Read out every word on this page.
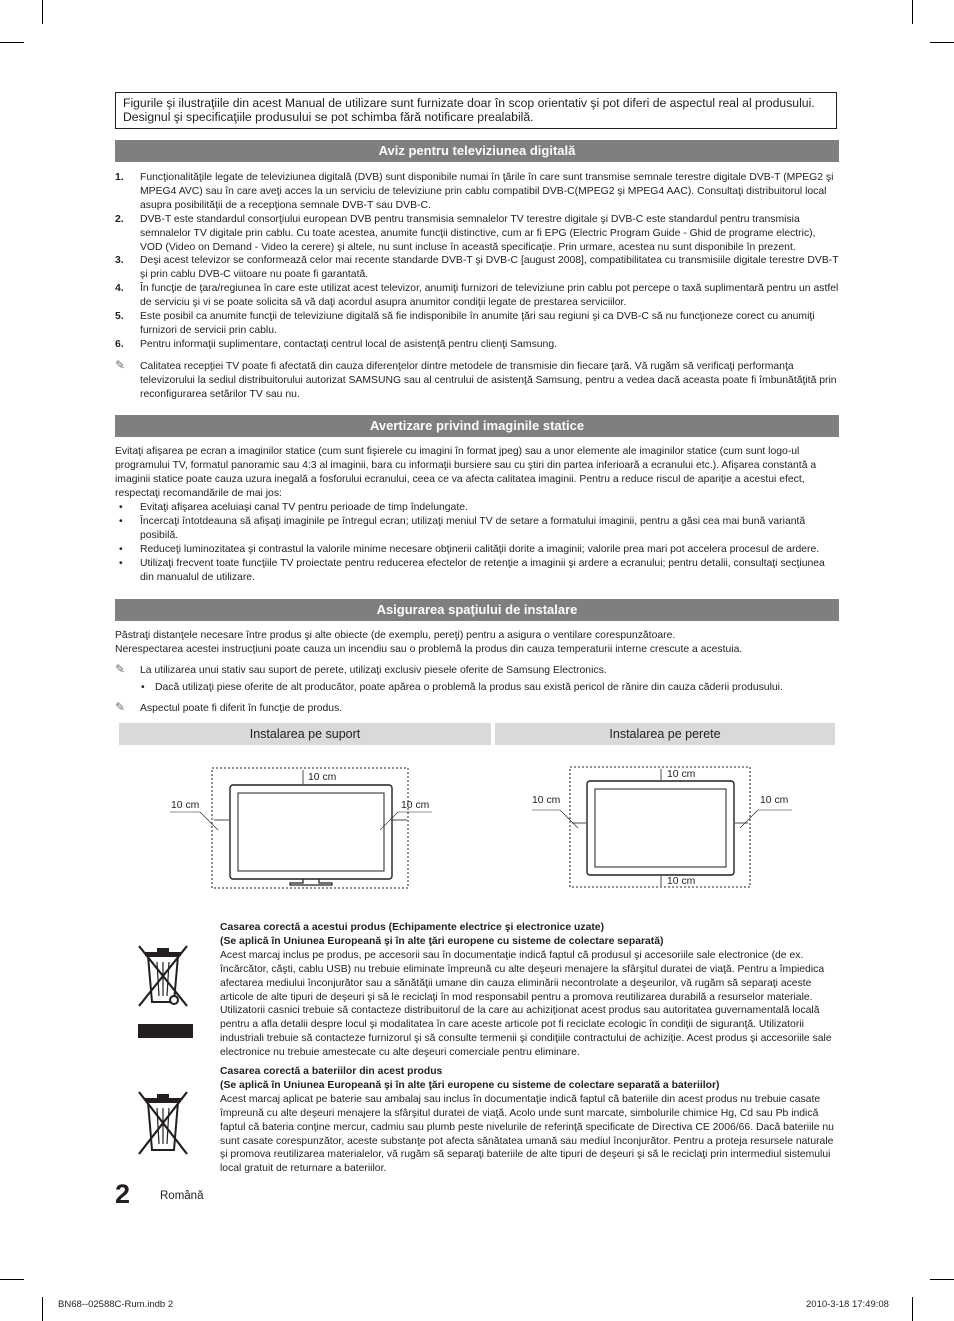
Figurile şi ilustraţiile din acest Manual de utilizare sunt furnizate doar în scop orientativ şi pot diferi de aspectul real al produsului. Designul şi specificaţiile produsului se pot schimba fără notificare prealabilă.
Aviz pentru televiziunea digitală
1. Funcţionalităţile legate de televiziunea digitală (DVB) sunt disponibile numai în ţările în care sunt transmise semnale terestre digitale DVB-T (MPEG2 şi MPEG4 AVC) sau în care aveţi acces la un serviciu de televiziune prin cablu compatibil DVB-C(MPEG2 şi MPEG4 AAC). Consultaţi distribuitorul local asupra posibilităţii de a recepţiona semnale DVB-T sau DVB-C.
2. DVB-T este standardul consorţiului european DVB pentru transmisia semnalelor TV terestre digitale şi DVB-C este standardul pentru transmisia semnalelor TV digitale prin cablu. Cu toate acestea, anumite funcţii distinctive, cum ar fi EPG (Electric Program Guide - Ghid de programe electric), VOD (Video on Demand - Video la cerere) şi altele, nu sunt incluse în această specificaţie. Prin urmare, acestea nu sunt disponibile în prezent.
3. Deşi acest televizor se conformează celor mai recente standarde DVB-T şi DVB-C [august 2008], compatibilitatea cu transmisiile digitale terestre DVB-T şi prin cablu DVB-C viitoare nu poate fi garantată.
4. În funcţie de ţara/regiunea în care este utilizat acest televizor, anumiţi furnizori de televiziune prin cablu pot percepe o taxă suplimentară pentru un astfel de serviciu şi vi se poate solicita să vă daţi acordul asupra anumitor condiţii legate de prestarea serviciilor.
5. Este posibil ca anumite funcţii de televiziune digitală să fie indisponibile în anumite ţări sau regiuni şi ca DVB-C să nu funcţioneze corect cu anumiţi furnizori de servicii prin cablu.
6. Pentru informaţii suplimentare, contactaţi centrul local de asistenţă pentru clienţi Samsung.
✎ Calitatea recepţiei TV poate fi afectată din cauza diferenţelor dintre metodele de transmisie din fiecare ţară. Vă rugăm să verificaţi performanţa televizorului la sediul distribuitorului autorizat SAMSUNG sau al centrului de asistenţă Samsung, pentru a vedea dacă aceasta poate fi îmbunătăţită prin reconfigurarea setărilor TV sau nu.
Avertizare privind imaginile statice
Evitaţi afişarea pe ecran a imaginilor statice (cum sunt fişierele cu imagini în format jpeg) sau a unor elemente ale imaginilor statice (cum sunt logo-ul programului TV, formatul panoramic sau 4:3 al imaginii, bara cu informaţii bursiere sau cu ştiri din partea inferioară a ecranului etc.). Afişarea constantă a imaginii statice poate cauza uzura inegală a fosforului ecranului, ceea ce va afecta calitatea imaginii. Pentru a reduce riscul de apariţie a acestui efect, respectaţi recomandările de mai jos:
• Evitaţi afişarea aceluiaşi canal TV pentru perioade de timp îndelungate.
• Încercaţi întotdeauna să afişaţi imaginile pe întregul ecran; utilizaţi meniul TV de setare a formatului imaginii, pentru a găsi cea mai bună variantă posibilă.
• Reduceţi luminozitatea şi contrastul la valorile minime necesare obţinerii calităţii dorite a imaginii; valorile prea mari pot accelera procesul de ardere.
• Utilizaţi frecvent toate funcţiile TV proiectate pentru reducerea efectelor de retenţie a imaginii şi ardere a ecranului; pentru detalii, consultaţi secţiunea din manualul de utilizare.
Asigurarea spaţiului de instalare
Păstraţi distanţele necesare între produs şi alte obiecte (de exemplu, pereţi) pentru a asigura o ventilare corespunzătoare.
Nerespectarea acestei instrucţiuni poate cauza un incendiu sau o problemă la produs din cauza temperaturii interne crescute a acestuia.
✎ La utilizarea unui stativ sau suport de perete, utilizaţi exclusiv piesele oferite de Samsung Electronics.
• Dacă utilizaţi piese oferite de alt producător, poate apărea o problemă la produs sau există pericol de rănire din cauza căderii produsului.
✎ Aspectul poate fi diferit în funcţie de produs.
Instalarea pe suport	Instalarea pe perete
10 cm
10 cm	10 cm
10 cm
10 cm	10 cm
10 cm
Casarea corectă a acestui produs (Echipamente electrice şi electronice uzate)
(Se aplică în Uniunea Europeană şi în alte ţări europene cu sisteme de colectare separată)
Acest marcaj inclus pe produs, pe accesorii sau în documentaţie indică faptul că produsul şi accesoriile sale electronice (de ex. încărcător, căşti, cablu USB) nu trebuie eliminate împreună cu alte deşeuri menajere la sfârşitul duratei de viaţă. Pentru a împiedica afectarea mediului înconjurător sau a sănătăţii umane din cauza eliminării necontrolate a deşeurilor, vă rugăm să separaţi aceste articole de alte tipuri de deşeuri şi să le reciclaţi în mod responsabil pentru a promova reutilizarea durabilă a resurselor materiale. Utilizatorii casnici trebuie să contacteze distribuitorul de la care au achiziţionat acest produs sau autoritatea guvernamentală locală pentru a afla detalii despre locul şi modalitatea în care aceste articole pot fi reciclate ecologic în condiţii de siguranţă. Utilizatorii industriali trebuie să contacteze furnizorul şi să consulte termenii şi condiţiile contractului de achiziţie. Acest produs şi accesoriile sale electronice nu trebuie amestecate cu alte deşeuri comerciale pentru eliminare.
Casarea corectă a bateriilor din acest produs
(Se aplică în Uniunea Europeană şi în alte ţări europene cu sisteme de colectare separată a bateriilor)
Acest marcaj aplicat pe baterie sau ambalaj sau inclus în documentaţie indică faptul că bateriile din acest produs nu trebuie casate împreună cu alte deşeuri menajere la sfârşitul duratei de viaţă. Acolo unde sunt marcate, simbolurile chimice Hg, Cd sau Pb indică faptul că bateria conţine mercur, cadmiu sau plumb peste nivelurile de referinţă specificate de Directiva CE 2006/66. Dacă bateriile nu sunt casate corespunzător, aceste substanţe pot afecta sănătatea umană sau mediul înconjurător. Pentru a proteja resursele naturale şi promova reutilizarea materialelor, vă rugăm să separaţi bateriile de alte tipuri de deşeuri şi să le reciclaţi prin intermediul sistemului local gratuit de returnare a bateriilor.
2	Română
BN68--02588C-Rum.indb 2	2010-3-18 17:49:08
